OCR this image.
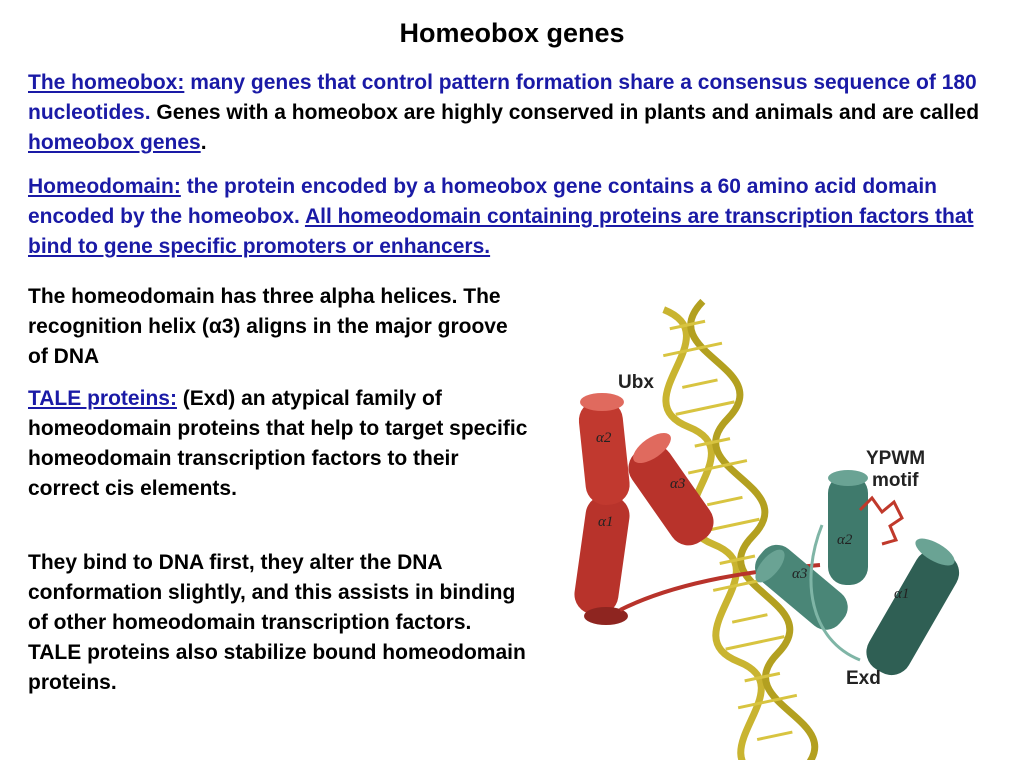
Homeobox genes
The homeobox: many genes that control pattern formation share a consensus sequence of 180 nucleotides. Genes with a homeobox are highly conserved in plants and animals and are called homeobox genes.
Homeodomain: the protein encoded by a homeobox gene contains a 60 amino acid domain encoded by the homeobox. All homeodomain containing proteins are transcription factors that bind to gene specific promoters or enhancers.
The homeodomain has three alpha helices. The recognition helix (α3) aligns in the major groove of DNA
TALE proteins: (Exd) an atypical family of homeodomain proteins that help to target specific homeodomain transcription factors to their correct cis elements.
They bind to DNA first, they alter the DNA conformation slightly, and this assists in binding of other homeodomain transcription factors. TALE proteins also stabilize bound homeodomain proteins.
Ubx
YPWM
motif
Exd
α2
α1
α3
α2
α3
α1
